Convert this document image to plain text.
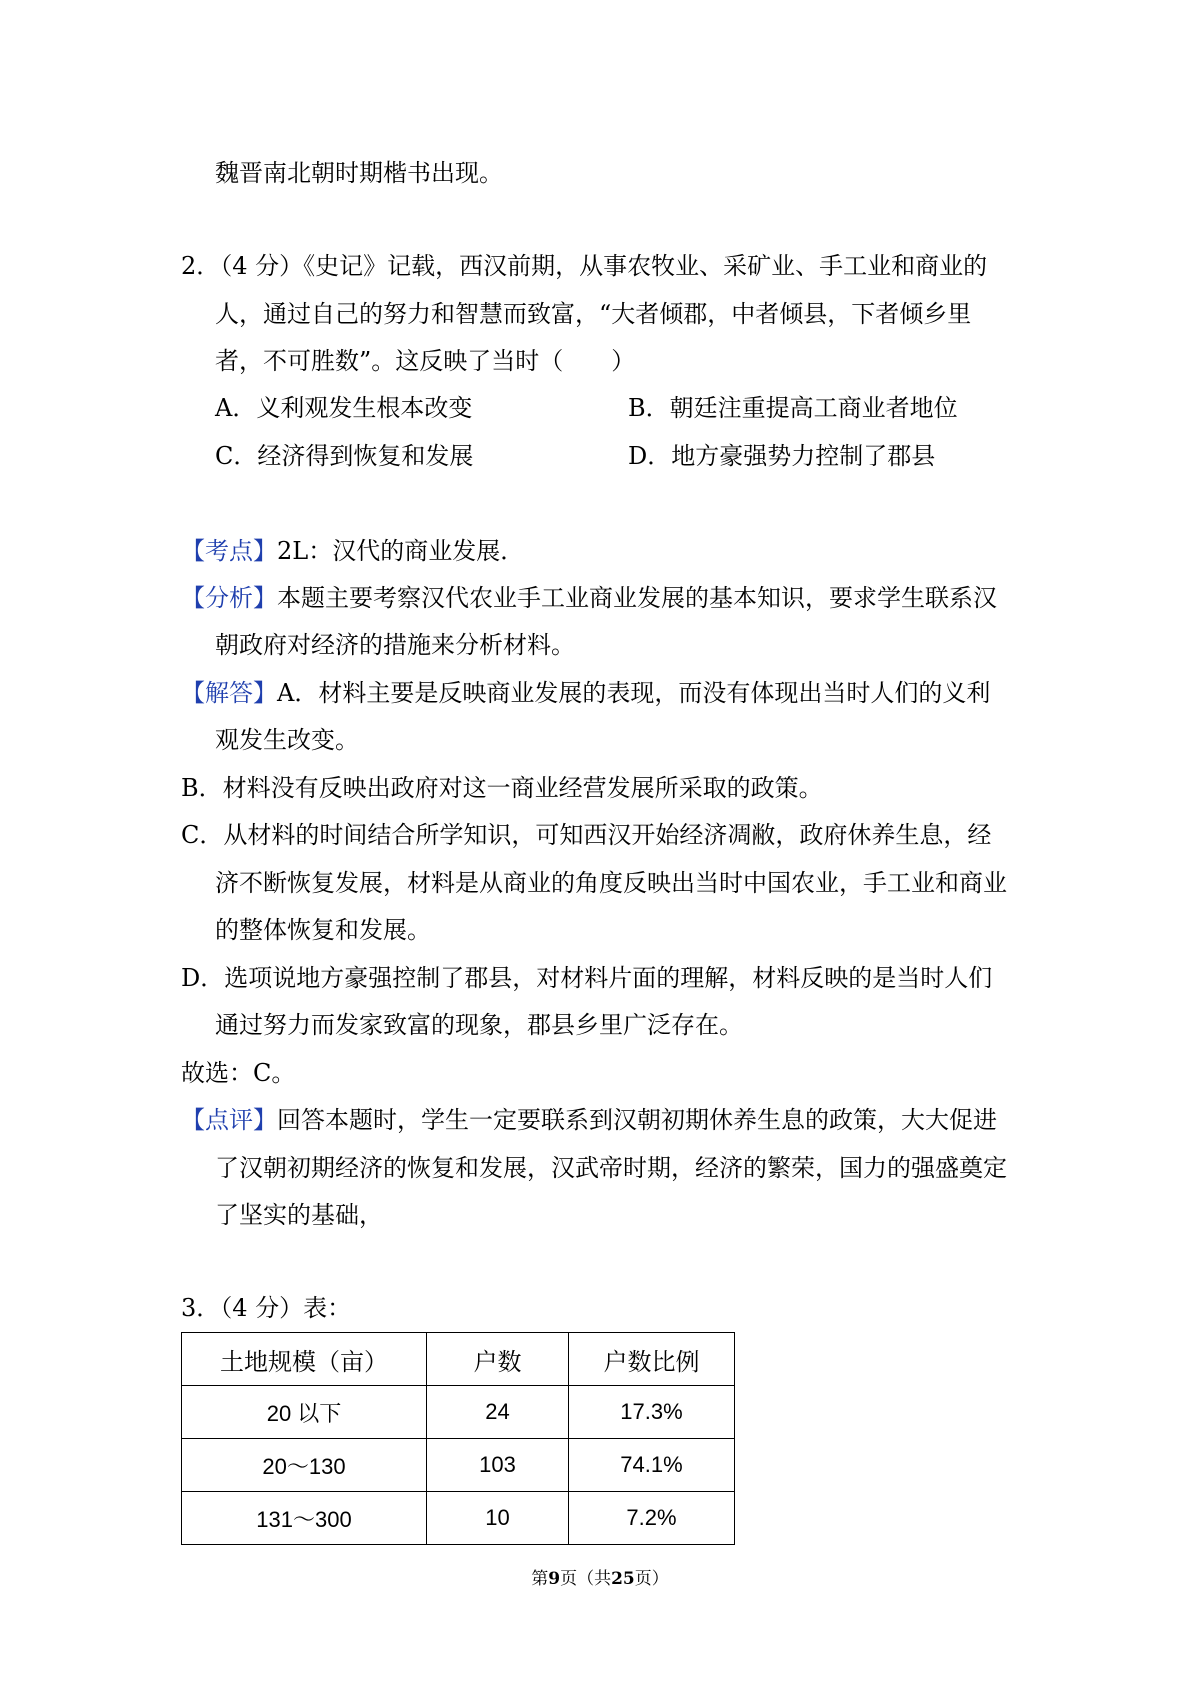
魏晋南北朝时期楷书出现。
2．（4 分）《史记》记载，西汉前期，从事农牧业、采矿业、手工业和商业的
人，通过自己的努力和智慧而致富，“大者倾郡，中者倾县，下者倾乡里
者，不可胜数”。这反映了当时（　　）
A．义利观发生根本改变	B．朝廷注重提高工商业者地位
C．经济得到恢复和发展	D．地方豪强势力控制了郡县
【考点】2L：汉代的商业发展．
【分析】本题主要考察汉代农业手工业商业发展的基本知识，要求学生联系汉
朝政府对经济的措施来分析材料。
【解答】A．材料主要是反映商业发展的表现，而没有体现出当时人们的义利
观发生改变。
B．材料没有反映出政府对这一商业经营发展所采取的政策。
C．从材料的时间结合所学知识，可知西汉开始经济凋敝，政府休养生息，经
济不断恢复发展，材料是从商业的角度反映出当时中国农业，手工业和商业
的整体恢复和发展。
D．选项说地方豪强控制了郡县，对材料片面的理解，材料反映的是当时人们
通过努力而发家致富的现象，郡县乡里广泛存在。
故选：C。
【点评】回答本题时，学生一定要联系到汉朝初期休养生息的政策，大大促进
了汉朝初期经济的恢复和发展，汉武帝时期，经济的繁荣，国力的强盛奠定
了坚实的基础，
3．（4 分）表：
土地规模（亩）	户数	户数比例
20 以下	24	17.3%
20～130	103	74.1%
131～300	10	7.2%
第9页（共25页）
